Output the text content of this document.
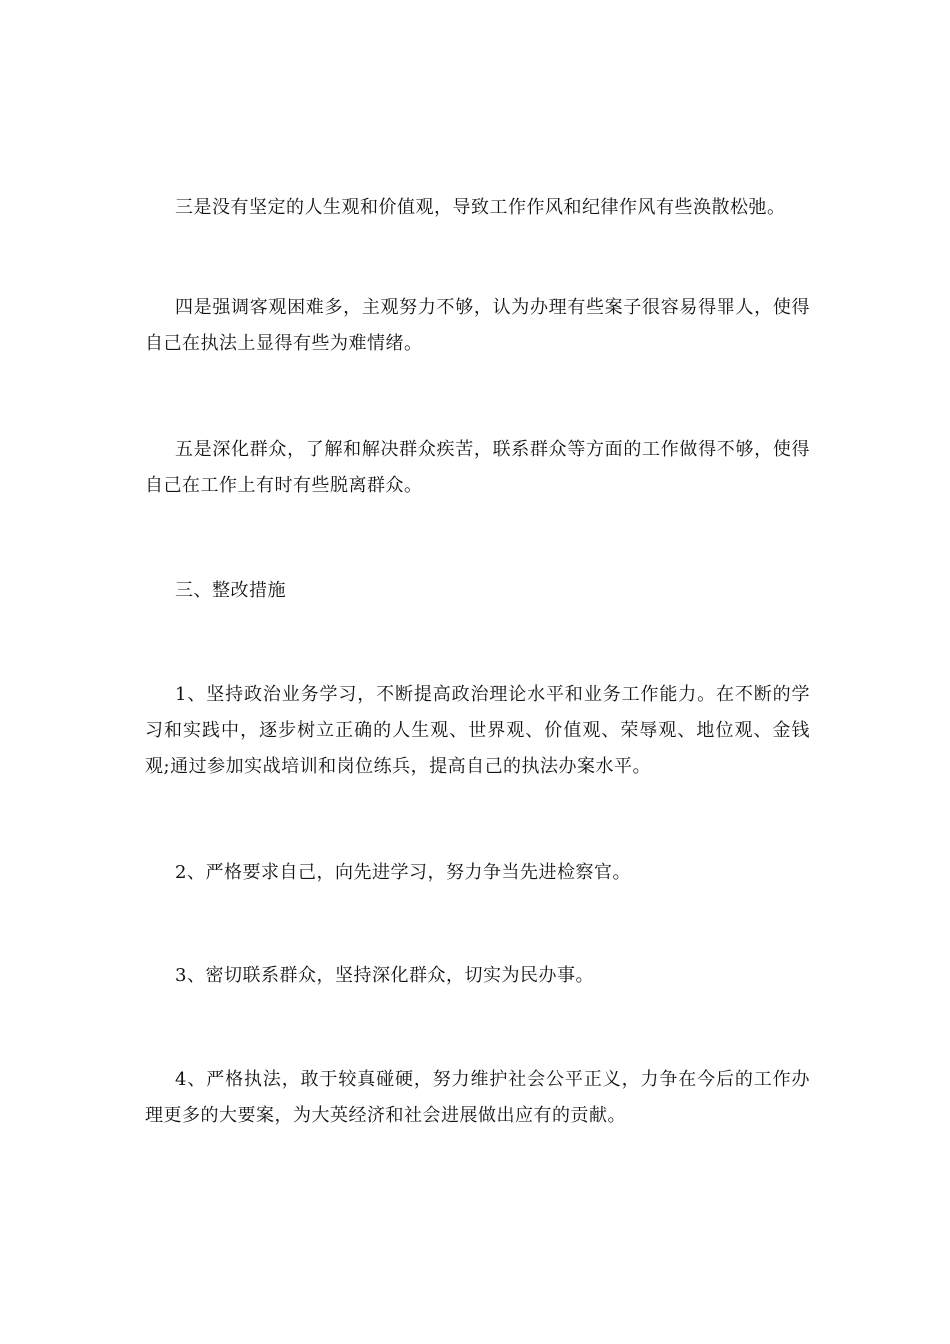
三是没有坚定的人生观和价值观，导致工作作风和纪律作风有些涣散松弛。

四是强调客观困难多，主观努力不够，认为办理有些案子很容易得罪人，使得自己在执法上显得有些为难情绪。

五是深化群众，了解和解决群众疾苦，联系群众等方面的工作做得不够，使得自己在工作上有时有些脱离群众。

三、整改措施

1、坚持政治业务学习，不断提高政治理论水平和业务工作能力。在不断的学习和实践中，逐步树立正确的人生观、世界观、价值观、荣辱观、地位观、金钱观;通过参加实战培训和岗位练兵，提高自己的执法办案水平。

2、严格要求自己，向先进学习，努力争当先进检察官。

3、密切联系群众，坚持深化群众，切实为民办事。

4、严格执法，敢于较真碰硬，努力维护社会公平正义，力争在今后的工作办理更多的大要案，为大英经济和社会进展做出应有的贡献。
